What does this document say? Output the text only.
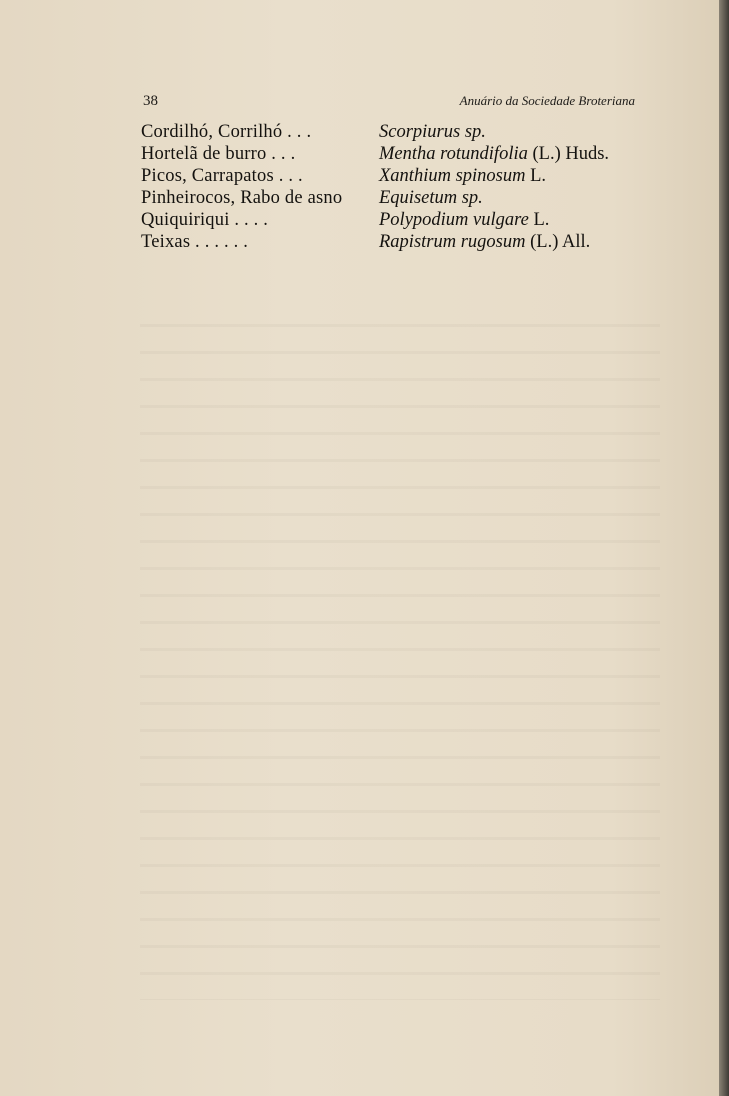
38	Anuário da Sociedade Broteriana
Cordilhó, Corrilhó . . .	Scorpiurus sp.
Hortelã de burro . . .	Mentha rotundifolia (L.) Huds.
Picos, Carrapatos . . .	Xanthium spinosum L.
Pinheirocos, Rabo de asno	Equisetum sp.
Quiquiriqui . . . .	Polypodium vulgare L.
Teixas . . . . . .	Rapistrum rugosum (L.) All.
